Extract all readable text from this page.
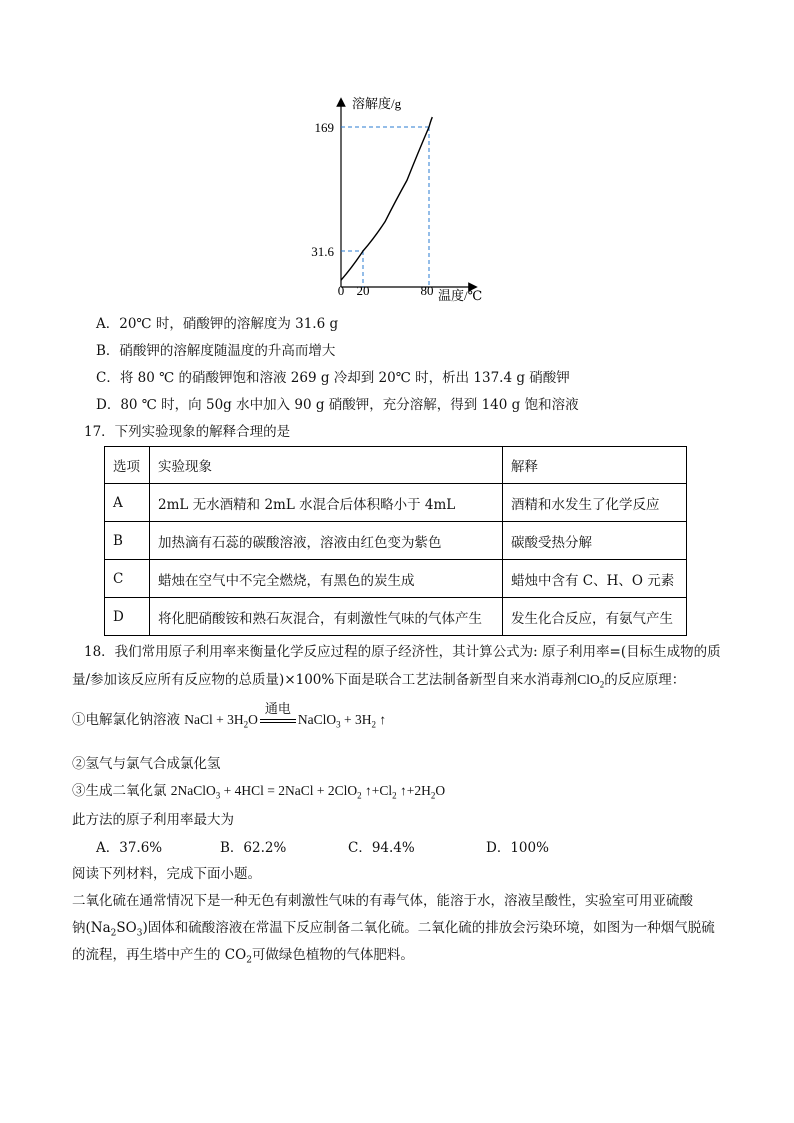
溶解度/g
温度/℃
169
31.6
0 20	80
A．20℃ 时，硝酸钾的溶解度为 31.6 g
B．硝酸钾的溶解度随温度的升高而增大
C．将 80 ℃ 的硝酸钾饱和溶液 269 g 冷却到 20℃ 时，析出 137.4 g 硝酸钾
D．80 ℃ 时，向 50g 水中加入 90 g 硝酸钾，充分溶解，得到 140 g 饱和溶液
17．下列实验现象的解释合理的是
选项	实验现象	解释
A	2mL 无水酒精和 2mL 水混合后体积略小于 4mL	酒精和水发生了化学反应
B	加热滴有石蕊的碳酸溶液，溶液由红色变为紫色	碳酸受热分解
C	蜡烛在空气中不完全燃烧，有黑色的炭生成	蜡烛中含有 C、H、O 元素
D	将化肥硝酸铵和熟石灰混合，有刺激性气味的气体产生	发生化合反应，有氨气产生
18．我们常用原子利用率来衡量化学反应过程的原子经济性，其计算公式为: 原子利用率=(目标生成物的质
量/参加该反应所有反应物的总质量)×100%下面是联合工艺法制备新型自来水消毒剂ClO$_2$的反应原理：
①电解氯化钠溶液 NaCl + $3H_2O$
通电
NaClO$_3$ + $3H_2$ ↑
②氢气与氯气合成氯化氢
③生成二氧化氯 2NaClO$_3$ + 4HCl = 2NaCl + 2ClO$_2$ $↑+Cl_2$ $↑+2H_2O$
此方法的原子利用率最大为
A．37.6%	B．62.2%	C．94.4%	D．100%
阅读下列材料，完成下面小题。
二氧化硫在通常情况下是一种无色有刺激性气味的有毒气体，能溶于水，溶液呈酸性，实验室可用亚硫酸
钠$(Na_2SO_3)$固体和硫酸溶液在常温下反应制备二氧化硫。二氧化硫的排放会污染环境，如图为一种烟气脱硫
的流程，再生塔中产生的 $CO_2$可做绿色植物的气体肥料。
